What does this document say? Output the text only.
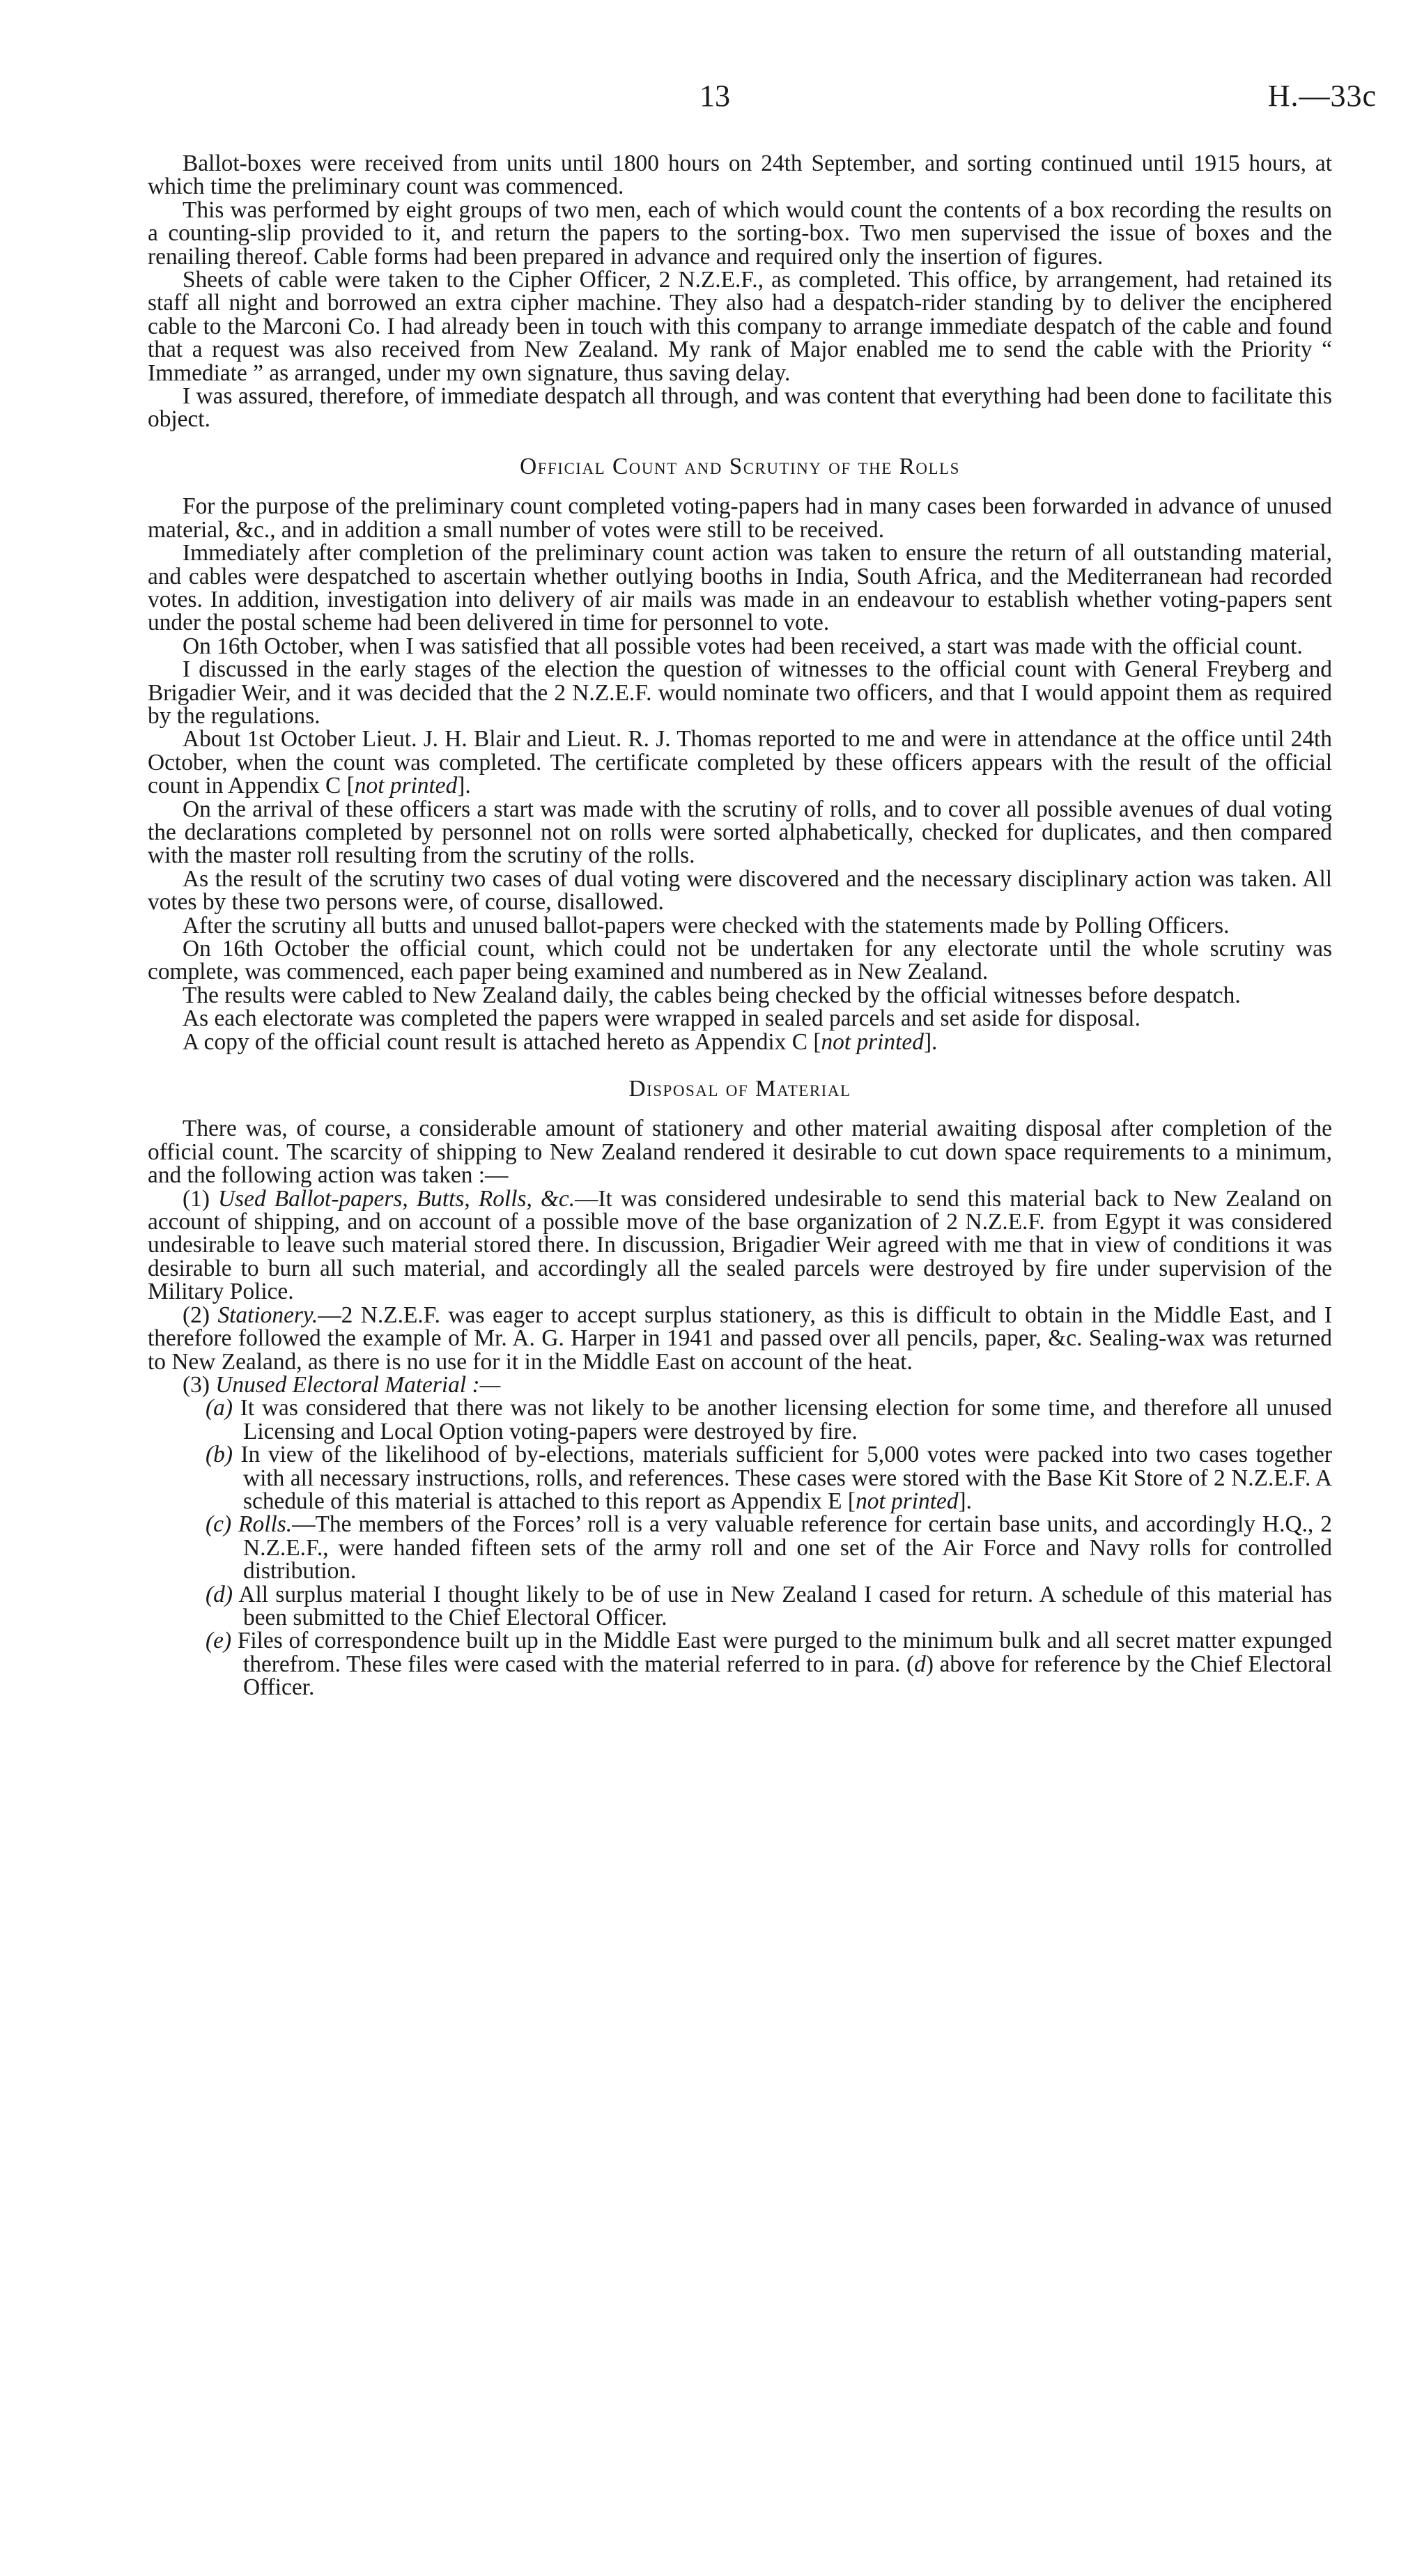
13	H.—33c

Ballot-boxes were received from units until 1800 hours on 24th September, and sorting continued until 1915 hours, at which time the preliminary count was commenced.

This was performed by eight groups of two men, each of which would count the contents of a box recording the results on a counting-slip provided to it, and return the papers to the sorting-box. Two men supervised the issue of boxes and the renailing thereof. Cable forms had been prepared in advance and required only the insertion of figures.

Sheets of cable were taken to the Cipher Officer, 2 N.Z.E.F., as completed. This office, by arrangement, had retained its staff all night and borrowed an extra cipher machine. They also had a despatch-rider standing by to deliver the enciphered cable to the Marconi Co. I had already been in touch with this company to arrange immediate despatch of the cable and found that a request was also received from New Zealand. My rank of Major enabled me to send the cable with the Priority “ Immediate ” as arranged, under my own signature, thus saving delay.

I was assured, therefore, of immediate despatch all through, and was content that everything had been done to facilitate this object.

Official Count and Scrutiny of the Rolls

For the purpose of the preliminary count completed voting-papers had in many cases been forwarded in advance of unused material, &c., and in addition a small number of votes were still to be received.

Immediately after completion of the preliminary count action was taken to ensure the return of all outstanding material, and cables were despatched to ascertain whether outlying booths in India, South Africa, and the Mediterranean had recorded votes. In addition, investigation into delivery of air mails was made in an endeavour to establish whether voting-papers sent under the postal scheme had been delivered in time for personnel to vote.

On 16th October, when I was satisfied that all possible votes had been received, a start was made with the official count.

I discussed in the early stages of the election the question of witnesses to the official count with General Freyberg and Brigadier Weir, and it was decided that the 2 N.Z.E.F. would nominate two officers, and that I would appoint them as required by the regulations.

About 1st October Lieut. J. H. Blair and Lieut. R. J. Thomas reported to me and were in attendance at the office until 24th October, when the count was completed. The certificate completed by these officers appears with the result of the official count in Appendix C [not printed].

On the arrival of these officers a start was made with the scrutiny of rolls, and to cover all possible avenues of dual voting the declarations completed by personnel not on rolls were sorted alphabetically, checked for duplicates, and then compared with the master roll resulting from the scrutiny of the rolls.

As the result of the scrutiny two cases of dual voting were discovered and the necessary disciplinary action was taken. All votes by these two persons were, of course, disallowed.

After the scrutiny all butts and unused ballot-papers were checked with the statements made by Polling Officers.

On 16th October the official count, which could not be undertaken for any electorate until the whole scrutiny was complete, was commenced, each paper being examined and numbered as in New Zealand.

The results were cabled to New Zealand daily, the cables being checked by the official witnesses before despatch.

As each electorate was completed the papers were wrapped in sealed parcels and set aside for disposal.

A copy of the official count result is attached hereto as Appendix C [not printed].

Disposal of Material

There was, of course, a considerable amount of stationery and other material awaiting disposal after completion of the official count. The scarcity of shipping to New Zealand rendered it desirable to cut down space requirements to a minimum, and the following action was taken :—

(1) Used Ballot-papers, Butts, Rolls, &c.—It was considered undesirable to send this material back to New Zealand on account of shipping, and on account of a possible move of the base organization of 2 N.Z.E.F. from Egypt it was considered undesirable to leave such material stored there. In discussion, Brigadier Weir agreed with me that in view of conditions it was desirable to burn all such material, and accordingly all the sealed parcels were destroyed by fire under supervision of the Military Police.

(2) Stationery.—2 N.Z.E.F. was eager to accept surplus stationery, as this is difficult to obtain in the Middle East, and I therefore followed the example of Mr. A. G. Harper in 1941 and passed over all pencils, paper, &c. Sealing-wax was returned to New Zealand, as there is no use for it in the Middle East on account of the heat.

(3) Unused Electoral Material :—

(a) It was considered that there was not likely to be another licensing election for some time, and therefore all unused Licensing and Local Option voting-papers were destroyed by fire.
(b) In view of the likelihood of by-elections, materials sufficient for 5,000 votes were packed into two cases together with all necessary instructions, rolls, and references. These cases were stored with the Base Kit Store of 2 N.Z.E.F. A schedule of this material is attached to this report as Appendix E [not printed].
(c) Rolls.—The members of the Forces’ roll is a very valuable reference for certain base units, and accordingly H.Q., 2 N.Z.E.F., were handed fifteen sets of the army roll and one set of the Air Force and Navy rolls for controlled distribution.
(d) All surplus material I thought likely to be of use in New Zealand I cased for return. A schedule of this material has been submitted to the Chief Electoral Officer.
(e) Files of correspondence built up in the Middle East were purged to the minimum bulk and all secret matter expunged therefrom. These files were cased with the material referred to in para. (d) above for reference by the Chief Electoral Officer.
